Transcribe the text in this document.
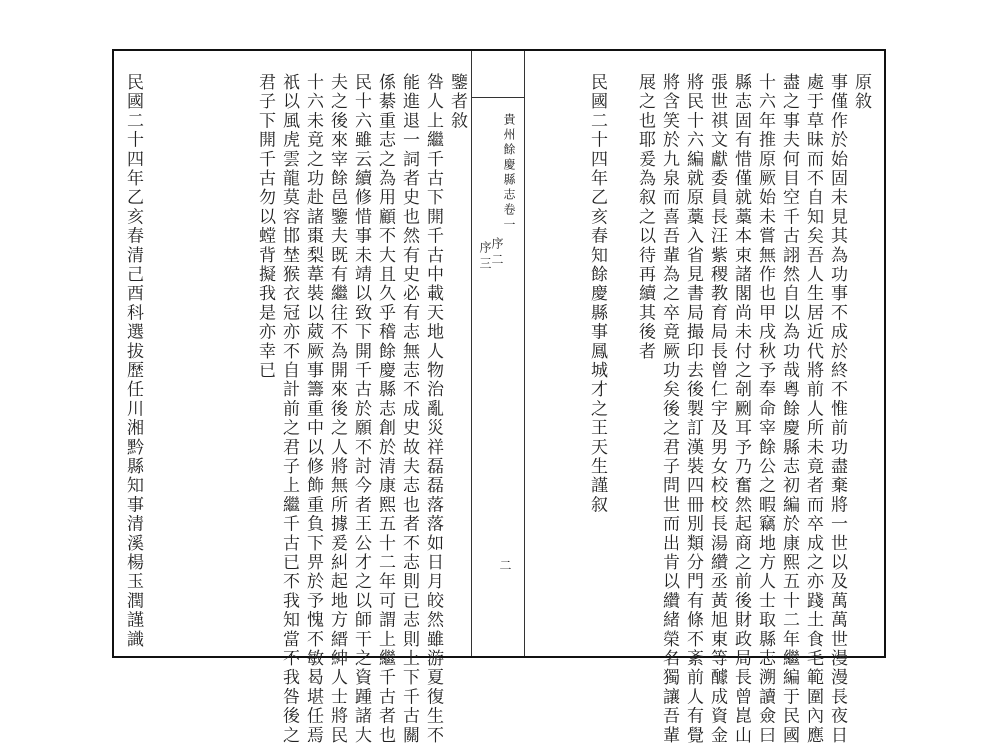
原敘
事僅作於始固未見其為功事不成於終不惟前功盡棄將一世以及萬萬世漫漫長夜日
處于草昧而不自知矣吾人生居近代將前人所未竟者而卒成之亦踐土食毛範圍內應
盡之事夫何目空千古詡然自以為功哉粵餘慶縣志初編於康熙五十二年繼編于民國
十六年推原厥始未嘗無作也甲戌秋予奉命宰餘公之暇竊地方人士取縣志溯讀僉曰
縣志固有惜僅就藁本束諸閣尚未付之剞劂耳予乃奮然起商之前後財政局長曾崑山
張世祺文獻委員長汪紫稷教育局長曾仁宇及男女校校長湯纘丞黃旭東等醵成資金
將民十六編就原藁入省見書局撮印去後製訂漢裝四冊別類分門有條不紊前人有覺
將含笑於九泉而喜吾輩為之卒竟厥功矣後之君子問世而出肯以纘緒榮名獨讓吾輩
展之也耶爰為叙之以待再續其後者
民國二十四年乙亥春知餘慶縣事鳳城才之王天生謹叙
貴州餘慶縣志卷一
序
二
序
三
二
鑒者敘
咎人上繼千古下開千古中載天地人物治亂災祥磊磊落落如日月皎然雖游夏復生不
能進退一詞者史也然有史必有志無志不成史故夫志也者不志則已志則上下千古關
係綦重志之為用顧不大且久乎稽餘慶縣志創於清康熙五十二年可謂上繼千古者也
民十六雖云續修惜事未靖以致下開千古於願不討今者王公才之以師干之資踵諸大
夫之後來宰餘邑鑒夫既有繼往不為開來後之人將無所據爰糾起地方縉紳人士將民
十六未竟之功赴諸棗梨葦裝以葳厥事籌重中以修飾重負下畀於予愧不敏曷堪任焉
祇以風虎雲龍莫容邯埜猴衣冠亦不自計前之君子上繼千古已不我知當不我咎後之
君子下開千古勿以螳背擬我是亦幸已
民國二十四年乙亥春清己酉科選拔歷任川湘黔縣知事清溪楊玉潤謹識
